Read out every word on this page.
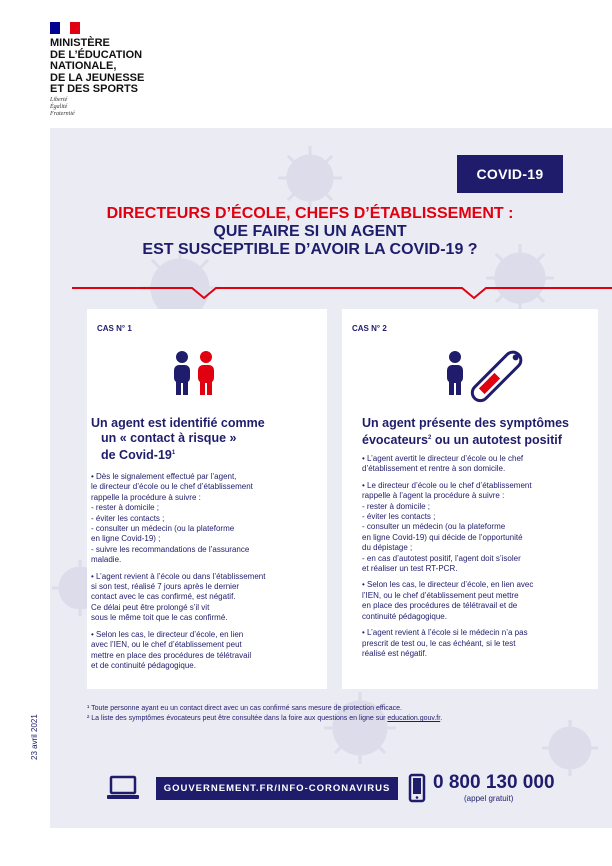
MINISTÈRE
DE L’ÉDUCATION
NATIONALE,
DE LA JEUNESSE
ET DES SPORTS
Liberté
Égalité
Fraternité
COVID-19
DIRECTEURS D’ÉCOLE, CHEFS D’ÉTABLISSEMENT :
QUE FAIRE SI UN AGENT
EST SUSCEPTIBLE D’AVOIR LA COVID-19 ?
CAS N° 1
Un agent est identifié comme
un « contact à risque »
de Covid-$19^1$

• Dès le signalement effectué par l’agent,
le directeur d’école ou le chef d’établissement
rappelle la procédure à suivre :
- rester à domicile ;
- éviter les contacts ;
- consulter un médecin (ou la plateforme
en ligne Covid-19) ;
- suivre les recommandations de l’assurance
maladie.

• L’agent revient à l’école ou dans l’établissement
si son test, réalisé 7 jours après le dernier
contact avec le cas confirmé, est négatif.
Ce délai peut être prolongé s’il vit
sous le même toit que le cas confirmé.

• Selon les cas, le directeur d’école, en lien
avec l’IEN, ou le chef d’établissement peut
mettre en place des procédures de télétravail
et de continuité pédagogique.

CAS N° 2
Un agent présente des symptômes
évocateurs$^2$ ou un autotest positif

• L’agent avertit le directeur d’école ou le chef
d’établissement et rentre à son domicile.

• Le directeur d’école ou le chef d’établissement
rappelle à l’agent la procédure à suivre :
- rester à domicile ;
- éviter les contacts ;
- consulter un médecin (ou la plateforme
en ligne Covid-19) qui décide de l’opportunité
du dépistage ;
- en cas d’autotest positif, l’agent doit s’isoler
et réaliser un test RT-PCR.

• Selon les cas, le directeur d’école, en lien avec
l’IEN, ou le chef d’établissement peut mettre
en place des procédures de télétravail et de
continuité pédagogique.

• L’agent revient à l’école si le médecin n’a pas
prescrit de test ou, le cas échéant, si le test
réalisé est négatif.

¹ Toute personne ayant eu un contact direct avec un cas confirmé sans mesure de protection efficace.
² La liste des symptômes évocateurs peut être consultée dans la foire aux questions en ligne sur education.gouv.fr.
23 avril 2021
GOUVERNEMENT.FR/INFO-CORONAVIRUS	0 800 130 000
(appel gratuit)
